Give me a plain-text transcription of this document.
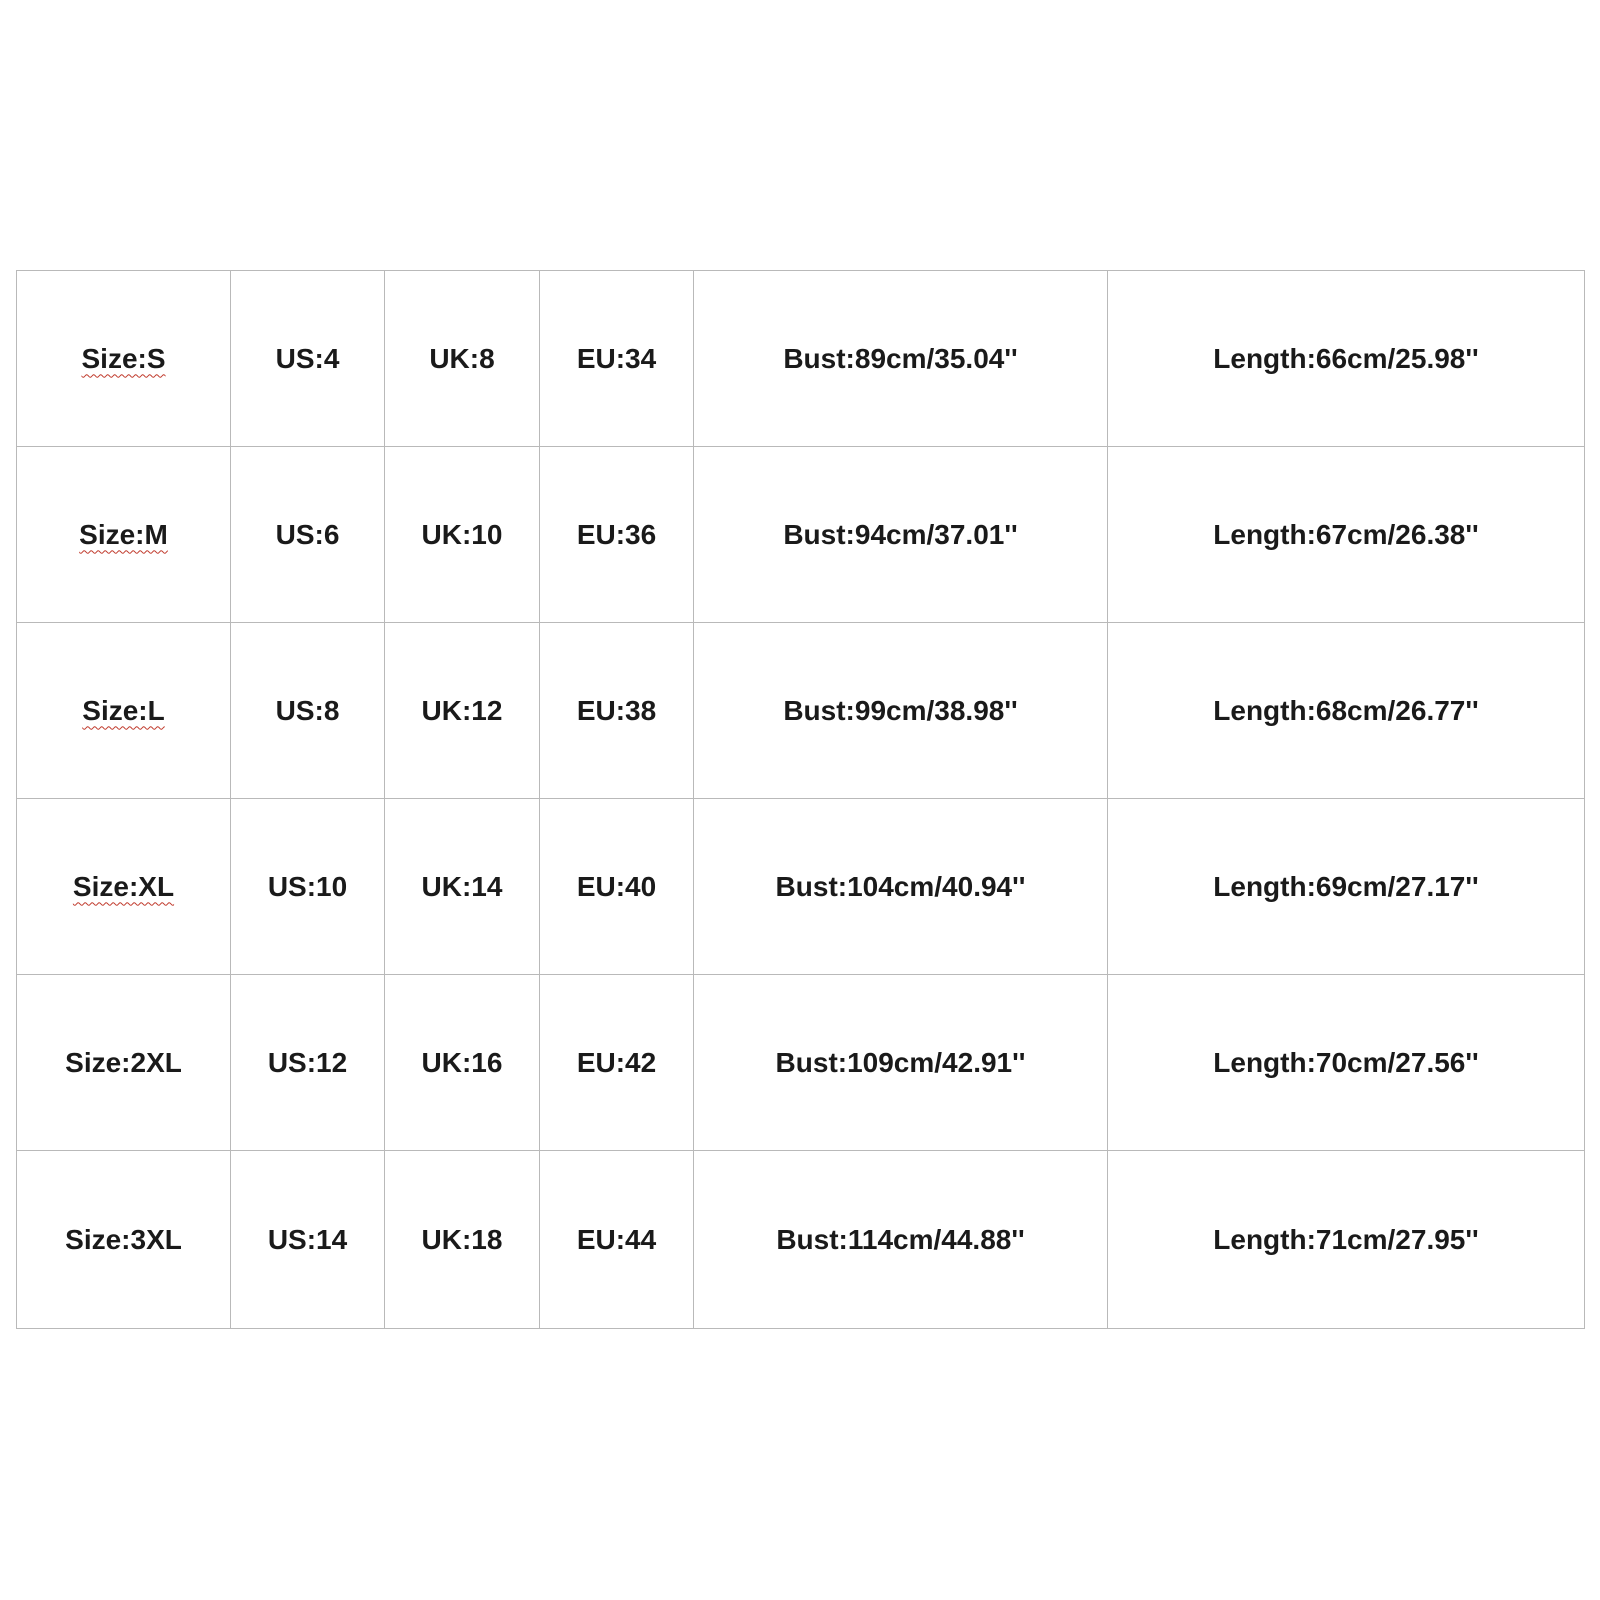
Size:S	US:4	UK:8	EU:34	Bust:89cm/35.04''	Length:66cm/25.98''
Size:M	US:6	UK:10	EU:36	Bust:94cm/37.01''	Length:67cm/26.38''
Size:L	US:8	UK:12	EU:38	Bust:99cm/38.98''	Length:68cm/26.77''
Size:XL	US:10	UK:14	EU:40	Bust:104cm/40.94''	Length:69cm/27.17''
Size:2XL	US:12	UK:16	EU:42	Bust:109cm/42.91''	Length:70cm/27.56''
Size:3XL	US:14	UK:18	EU:44	Bust:114cm/44.88''	Length:71cm/27.95''
